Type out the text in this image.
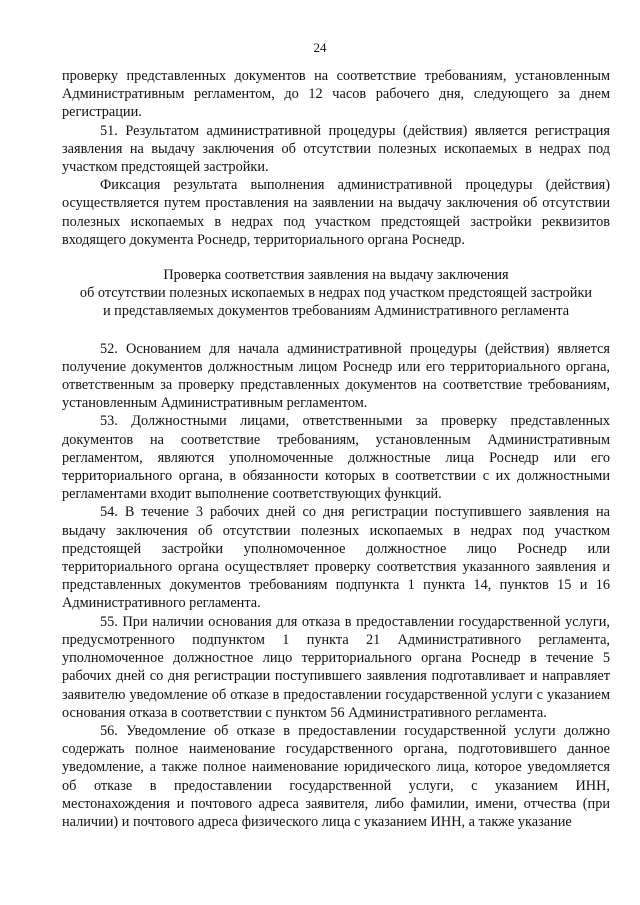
24

проверку представленных документов на соответствие требованиям, установленным Административным регламентом, до 12 часов рабочего дня, следующего за днем регистрации.

51. Результатом административной процедуры (действия) является регистрация заявления на выдачу заключения об отсутствии полезных ископаемых в недрах под участком предстоящей застройки.

Фиксация результата выполнения административной процедуры (действия) осуществляется путем проставления на заявлении на выдачу заключения об отсутствии полезных ископаемых в недрах под участком предстоящей застройки реквизитов входящего документа Роснедр, территориального органа Роснедр.

Проверка соответствия заявления на выдачу заключения
об отсутствии полезных ископаемых в недрах под участком предстоящей застройки
и представляемых документов требованиям Административного регламента

52. Основанием для начала административной процедуры (действия) является получение документов должностным лицом Роснедр или его территориального органа, ответственным за проверку представленных документов на соответствие требованиям, установленным Административным регламентом.

53. Должностными лицами, ответственными за проверку представленных документов на соответствие требованиям, установленным Административным регламентом, являются уполномоченные должностные лица Роснедр или его территориального органа, в обязанности которых в соответствии с их должностными регламентами входит выполнение соответствующих функций.

54. В течение 3 рабочих дней со дня регистрации поступившего заявления на выдачу заключения об отсутствии полезных ископаемых в недрах под участком предстоящей застройки уполномоченное должностное лицо Роснедр или территориального органа осуществляет проверку соответствия указанного заявления и представленных документов требованиям подпункта 1 пункта 14, пунктов 15 и 16 Административного регламента.

55. При наличии основания для отказа в предоставлении государственной услуги, предусмотренного подпунктом 1 пункта 21 Административного регламента, уполномоченное должностное лицо территориального органа Роснедр в течение 5 рабочих дней со дня регистрации поступившего заявления подготавливает и направляет заявителю уведомление об отказе в предоставлении государственной услуги с указанием основания отказа в соответствии с пунктом 56 Административного регламента.

56. Уведомление об отказе в предоставлении государственной услуги должно содержать полное наименование государственного органа, подготовившего данное уведомление, а также полное наименование юридического лица, которое уведомляется об отказе в предоставлении государственной услуги, с указанием ИНН, местонахождения и почтового адреса заявителя, либо фамилии, имени, отчества (при наличии) и почтового адреса физического лица с указанием ИНН, а также указание
